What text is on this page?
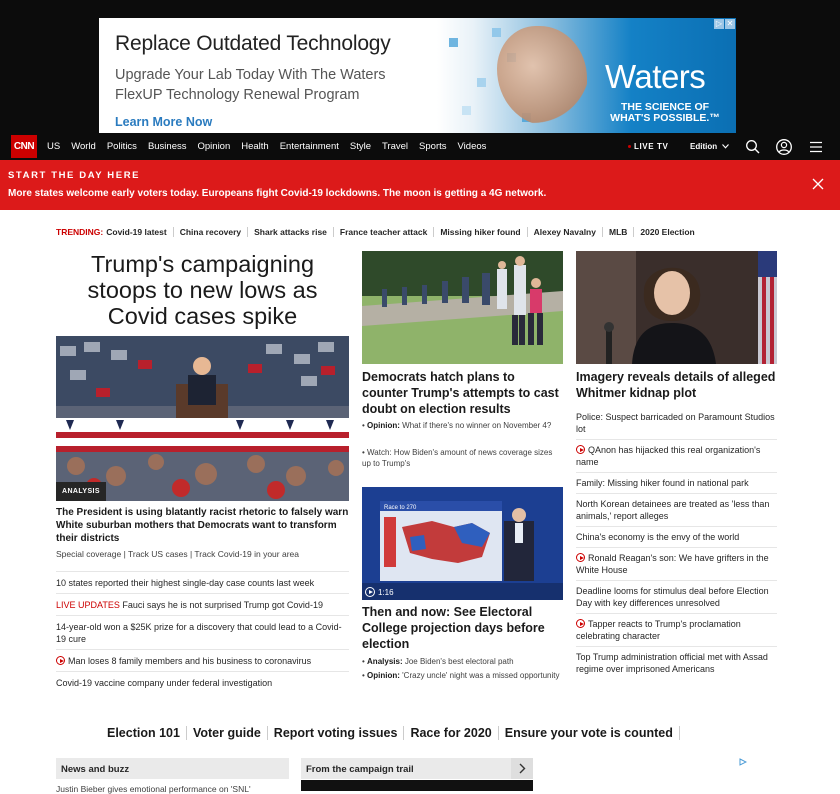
Replace Outdated Technology
Upgrade Your Lab Today With The Waters
FlexUP Technology Renewal Program
Learn More Now
Waters
THE SCIENCE OF
WHAT'S POSSIBLE.™
▷ ✕
CNN	US World Politics Business Opinion Health Entertainment Style Travel Sports Videos	LIVE TV	Edition
START THE DAY HERE
More states welcome early voters today. Europeans fight Covid-19 lockdowns. The moon is getting a 4G network.
TRENDING: Covid-19 latest	China recovery	Shark attacks rise	France teacher attack	Missing hiker found	Alexey Navalny	MLB	2020 Election
Trump's campaigning stoops to new lows as Covid cases spike
ANALYSIS
The President is using blatantly racist rhetoric to falsely warn White suburban mothers that Democrats want to transform their districts
Special coverage | Track US cases | Track Covid-19 in your area
10 states reported their highest single-day case counts last week
LIVE UPDATES Fauci says he is not surprised Trump got Covid-19
14-year-old won a $25K prize for a discovery that could lead to a Covid-19 cure
Man loses 8 family members and his business to coronavirus
Covid-19 vaccine company under federal investigation
Democrats hatch plans to counter Trump's attempts to cast doubt on election results
• Opinion: What if there's no winner on November 4?
• Watch: How Biden's amount of news coverage sizes up to Trump's
Race to 270
1:16
Then and now: See Electoral College projection days before election
• Analysis: Joe Biden's best electoral path
• Opinion: 'Crazy uncle' night was a missed opportunity
Imagery reveals details of alleged Whitmer kidnap plot
Police: Suspect barricaded on Paramount Studios lot
QAnon has hijacked this real organization's name
Family: Missing hiker found in national park
North Korean detainees are treated as 'less than animals,' report alleges
China's economy is the envy of the world
Ronald Reagan's son: We have grifters in the White House
Deadline looms for stimulus deal before Election Day with key differences unresolved
Tapper reacts to Trump's proclamation celebrating character
Top Trump administration official met with Assad regime over imprisoned Americans
Election 101	Voter guide	Report voting issues	Race for 2020	Ensure your vote is counted
News and buzz	From the campaign trail
Justin Bieber gives emotional performance on 'SNL'
